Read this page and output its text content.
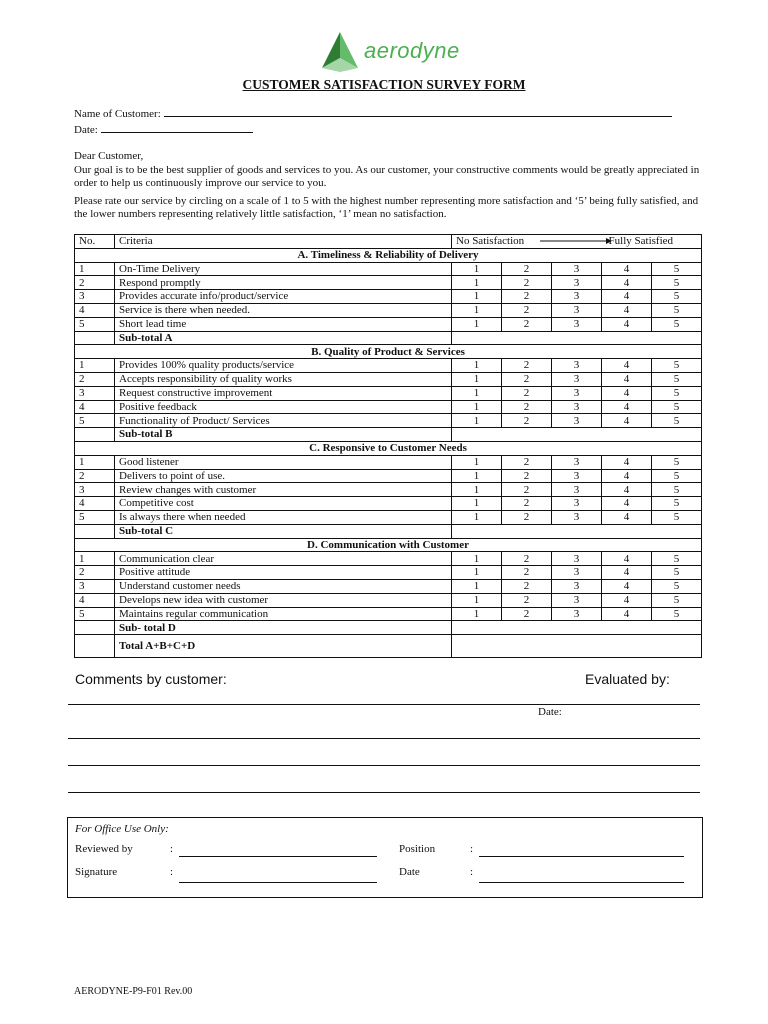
aerodyne
CUSTOMER SATISFACTION SURVEY FORM
Name of Customer:
Date:

Dear Customer,

Our goal is to be the best supplier of goods and services to you. As our customer, your constructive comments would be greatly appreciated in order to help us continuously improve our service to you.

Please rate our service by circling on a scale of 1 to 5 with the highest number representing more satisfaction and ‘5’ being fully satisfied, and the lower numbers representing relatively little satisfaction, ‘1’ mean no satisfaction.

No.	Criteria	No Satisfaction Fully Satisfied				

A. Timeliness & Reliability of Delivery						
1	On-Time Delivery	1	2	3	4	5
2	Respond promptly	1	2	3	4	5
3	Provides accurate info/product/service	1	2	3	4	5
4	Service is there when needed.	1	2	3	4	5
5	Short lead time	1	2	3	4	5
	Sub-total A					
B. Quality of Product & Services						
1	Provides 100% quality products/service	1	2	3	4	5
2	Accepts responsibility of quality works	1	2	3	4	5
3	Request constructive improvement	1	2	3	4	5
4	Positive feedback	1	2	3	4	5
5	Functionality of Product/ Services	1	2	3	4	5
	Sub-total B					
C. Responsive to Customer Needs						
1	Good listener	1	2	3	4	5
2	Delivers to point of use.	1	2	3	4	5
3	Review changes with customer	1	2	3	4	5
4	Competitive cost	1	2	3	4	5
5	Is always there when needed	1	2	3	4	5
	Sub-total C					
D. Communication with Customer						
1	Communication clear	1	2	3	4	5
2	Positive attitude	1	2	3	4	5
3	Understand customer needs	1	2	3	4	5
4	Develops new idea with customer	1	2	3	4	5
5	Maintains regular communication	1	2	3	4	5
	Sub- total D					
	Total A+B+C+D					
Comments by customer:	Evaluated by:
Date:
For Office Use Only:
Reviewed by	:	Position	:
Signature	:	Date	:
AERODYNE-P9-F01 Rev.00
